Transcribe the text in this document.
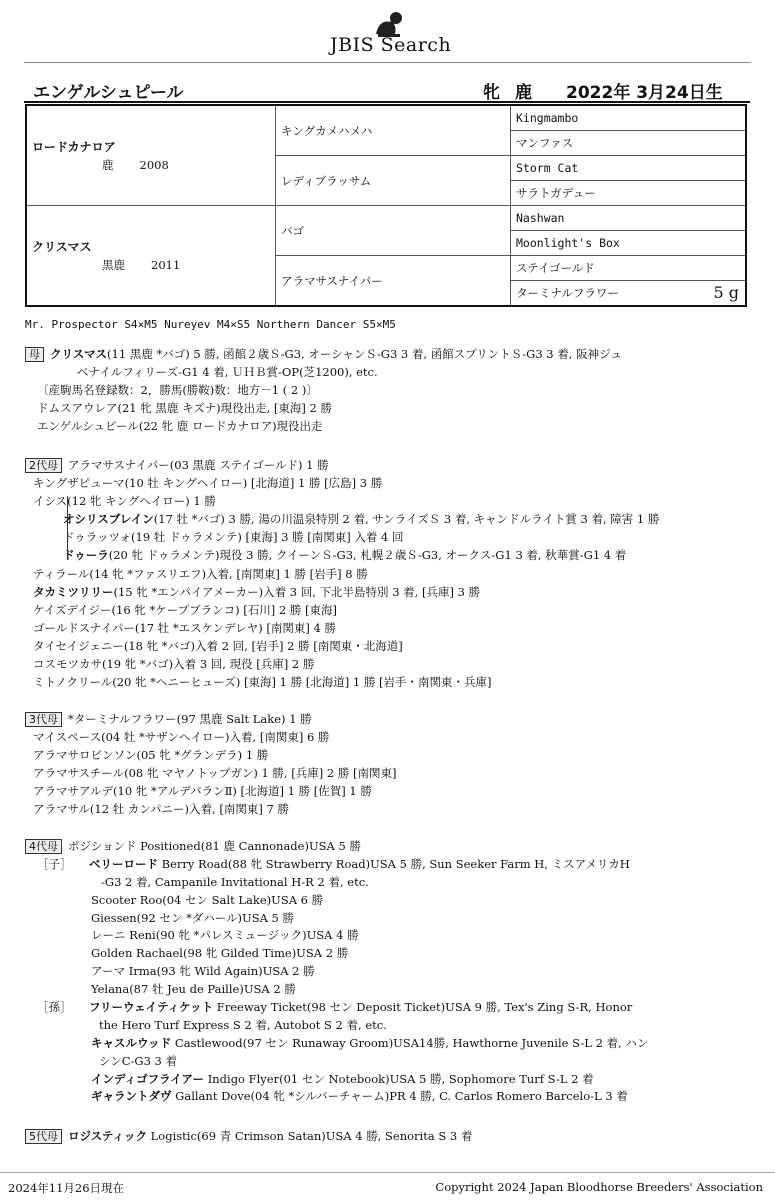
JBIS Search
エンゲルシュピール	牝 鹿 2022年 3月24日生
ロードカナロア
鹿 2008	キングカメハメハ	Kingmambo
		マンファス
	レディブラッサム	Storm Cat
		サラトガデュー

クリスマス
黒鹿 2011	バゴ	Nashwan
		Moonlight's Box
	アラマサスナイパー	ステイゴールド
		ターミナルフラワー 5 g
Mr. Prospector S4×M5 Nureyev M4×S5 Northern Dancer S5×M5
母 クリスマス(11 黒鹿 *バゴ) 5 勝, 函館２歳Ｓ-G3, オーシャンＳ-G3 3 着, 函館スプリントＳ-G3 3 着, 阪神ジュ
ベナイルフィリーズ-G1 4 着, ＵＨＢ賞-OP(芝1200), etc.
〔産駒馬名登録数：2，勝馬(勝鞍)数：地方－1 ( 2 )〕
ドムスアウレア(21 牝 黒鹿 キズナ)現役出走, [東海] 2 勝
エンゲルシュピール(22 牝 鹿 ロードカナロア)現役出走
2代母 アラマサスナイパー(03 黒鹿 ステイゴールド) 1 勝
キングザピューマ(10 牡 キングヘイロー) [北海道] 1 勝 [広島] 3 勝
イシス(12 牝 キングヘイロー) 1 勝
オシリスブレイン(17 牡 *バゴ) 3 勝, 湯の川温泉特別 2 着, サンライズＳ 3 着, キャンドルライト賞 3 着, 障害 1 勝
ドゥラッツォ(19 牡 ドゥラメンテ) [東海] 3 勝 [南関東] 入着 4 回
ドゥーラ(20 牝 ドゥラメンテ)現役 3 勝, クイーンＳ-G3, 札幌２歳Ｓ-G3, オークス-G1 3 着, 秋華賞-G1 4 着
ティラール(14 牝 *ファスリエフ)入着, [南関東] 1 勝 [岩手] 8 勝
タカミツリリー(15 牝 *エンパイアメーカー)入着 3 回, 下北半島特別 3 着, [兵庫] 3 勝
ケイズデイジー(16 牝 *ケープブランコ) [石川] 2 勝 [東海]
ゴールドスナイパー(17 牡 *エスケンデレヤ) [南関東] 4 勝
タイセイジェニー(18 牝 *バゴ)入着 2 回, [岩手] 2 勝 [南関東・北海道]
コスモツカサ(19 牝 *バゴ)入着 3 回, 現役 [兵庫] 2 勝
ミトノクリール(20 牝 *ヘニーヒューズ) [東海] 1 勝 [北海道] 1 勝 [岩手・南関東・兵庫]
3代母 *ターミナルフラワー(97 黒鹿 Salt Lake) 1 勝
マイスペース(04 牡 *サザンヘイロー)入着, [南関東] 6 勝
アラマサロビンソン(05 牝 *グランデラ) 1 勝
アラマサスチール(08 牝 マヤノトップガン) 1 勝, [兵庫] 2 勝 [南関東]
アラマサアルデ(10 牝 *アルデバランⅡ) [北海道] 1 勝 [佐賀] 1 勝
アラマサル(12 牡 カンパニー)入着, [南関東] 7 勝
4代母 ポジションド Positioned(81 鹿 Cannonade)USA 5 勝
［子］ ベリーロード Berry Road(88 牝 Strawberry Road)USA 5 勝, Sun Seeker Farm H, ミスアメリカH
-G3 2 着, Campanile Invitational H-R 2 着, etc.
Scooter Roo(04 セン Salt Lake)USA 6 勝
Giessen(92 セン *ダハール)USA 5 勝
レーニ Reni(90 牝 *パレスミュージック)USA 4 勝
Golden Rachael(98 牝 Gilded Time)USA 2 勝
アーマ Irma(93 牝 Wild Again)USA 2 勝
Yelana(87 牡 Jeu de Paille)USA 2 勝
［孫］ フリーウェイティケット Freeway Ticket(98 セン Deposit Ticket)USA 9 勝, Tex's Zing S-R, Honor
the Hero Turf Express S 2 着, Autobot S 2 着, etc.
キャスルウッド Castlewood(97 セン Runaway Groom)USA14勝, Hawthorne Juvenile S-L 2 着, ハン
シンC-G3 3 着
インディゴフライアー Indigo Flyer(01 セン Notebook)USA 5 勝, Sophomore Turf S-L 2 着
ギャラントダヴ Gallant Dove(04 牝 *シルバーチャーム)PR 4 勝, C. Carlos Romero Barcelo-L 3 着
5代母 ロジスティック Logistic(69 青 Crimson Satan)USA 4 勝, Senorita S 3 着
2024年11月26日現在	Copyright 2024 Japan Bloodhorse Breeders' Association
